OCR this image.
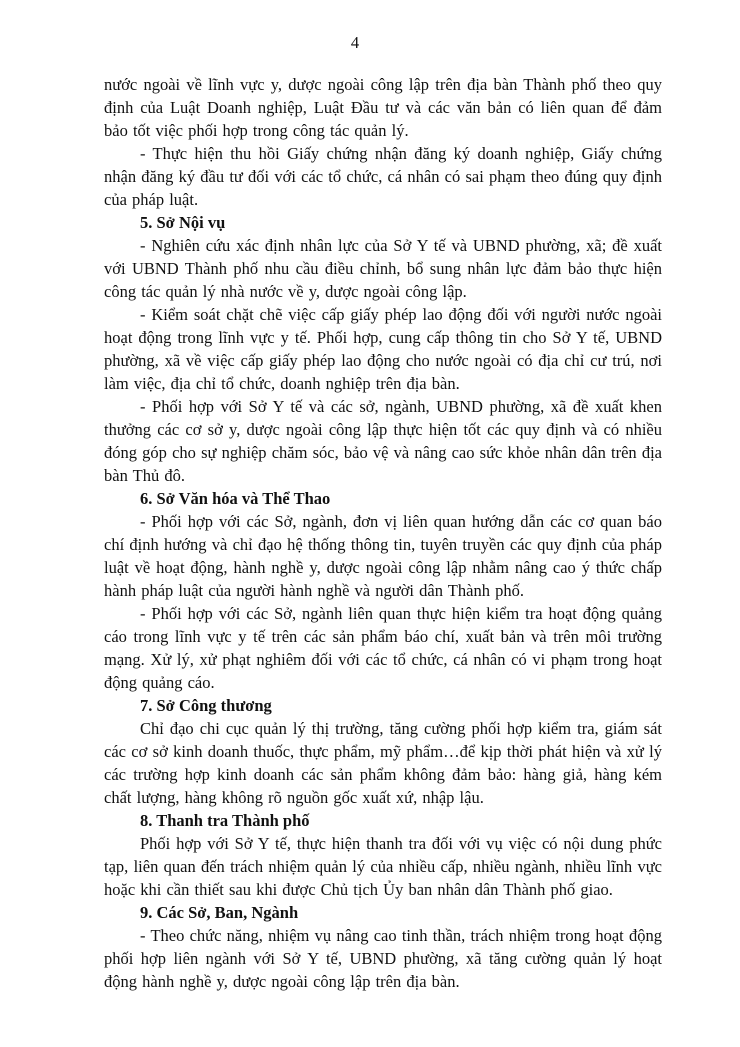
4

nước ngoài về lĩnh vực y, dược ngoài công lập trên địa bàn Thành phố theo quy định của Luật Doanh nghiệp, Luật Đầu tư và các văn bản có liên quan để đảm bảo tốt việc phối hợp trong công tác quản lý.

- Thực hiện thu hồi Giấy chứng nhận đăng ký doanh nghiệp, Giấy chứng nhận đăng ký đầu tư đối với các tổ chức, cá nhân có sai phạm theo đúng quy định của pháp luật.

5. Sở Nội vụ

- Nghiên cứu xác định nhân lực của Sở Y tế và UBND phường, xã; đề xuất với UBND Thành phố nhu cầu điều chỉnh, bổ sung nhân lực đảm bảo thực hiện công tác quản lý nhà nước về y, dược ngoài công lập.

- Kiểm soát chặt chẽ việc cấp giấy phép lao động đối với người nước ngoài hoạt động trong lĩnh vực y tế. Phối hợp, cung cấp thông tin cho Sở Y tế, UBND phường, xã về việc cấp giấy phép lao động cho nước ngoài có địa chỉ cư trú, nơi làm việc, địa chỉ tổ chức, doanh nghiệp trên địa bàn.

- Phối hợp với Sở Y tế và các sở, ngành, UBND phường, xã đề xuất khen thưởng các cơ sở y, dược ngoài công lập thực hiện tốt các quy định và có nhiều đóng góp cho sự nghiệp chăm sóc, bảo vệ và nâng cao sức khỏe nhân dân trên địa bàn Thủ đô.

6. Sở Văn hóa và Thể Thao

- Phối hợp với các Sở, ngành, đơn vị liên quan hướng dẫn các cơ quan báo chí định hướng và chỉ đạo hệ thống thông tin, tuyên truyền các quy định của pháp luật về hoạt động, hành nghề y, dược ngoài công lập nhằm nâng cao ý thức chấp hành pháp luật của người hành nghề và người dân Thành phố.

- Phối hợp với các Sở, ngành liên quan thực hiện kiểm tra hoạt động quảng cáo trong lĩnh vực y tế trên các sản phẩm báo chí, xuất bản và trên môi trường mạng. Xử lý, xử phạt nghiêm đối với các tổ chức, cá nhân có vi phạm trong hoạt động quảng cáo.

7. Sở Công thương

Chỉ đạo chi cục quản lý thị trường, tăng cường phối hợp kiểm tra, giám sát các cơ sở kinh doanh thuốc, thực phẩm, mỹ phẩm…để kịp thời phát hiện và xử lý các trường hợp kinh doanh các sản phẩm không đảm bảo: hàng giả, hàng kém chất lượng, hàng không rõ nguồn gốc xuất xứ, nhập lậu.

8. Thanh tra Thành phố

Phối hợp với Sở Y tế, thực hiện thanh tra đối với vụ việc có nội dung phức tạp, liên quan đến trách nhiệm quản lý của nhiều cấp, nhiều ngành, nhiều lĩnh vực hoặc khi cần thiết sau khi được Chủ tịch Ủy ban nhân dân Thành phố giao.

9. Các Sở, Ban, Ngành

- Theo chức năng, nhiệm vụ nâng cao tinh thần, trách nhiệm trong hoạt động phối hợp liên ngành với Sở Y tế, UBND phường, xã tăng cường quản lý hoạt động hành nghề y, dược ngoài công lập trên địa bàn.
